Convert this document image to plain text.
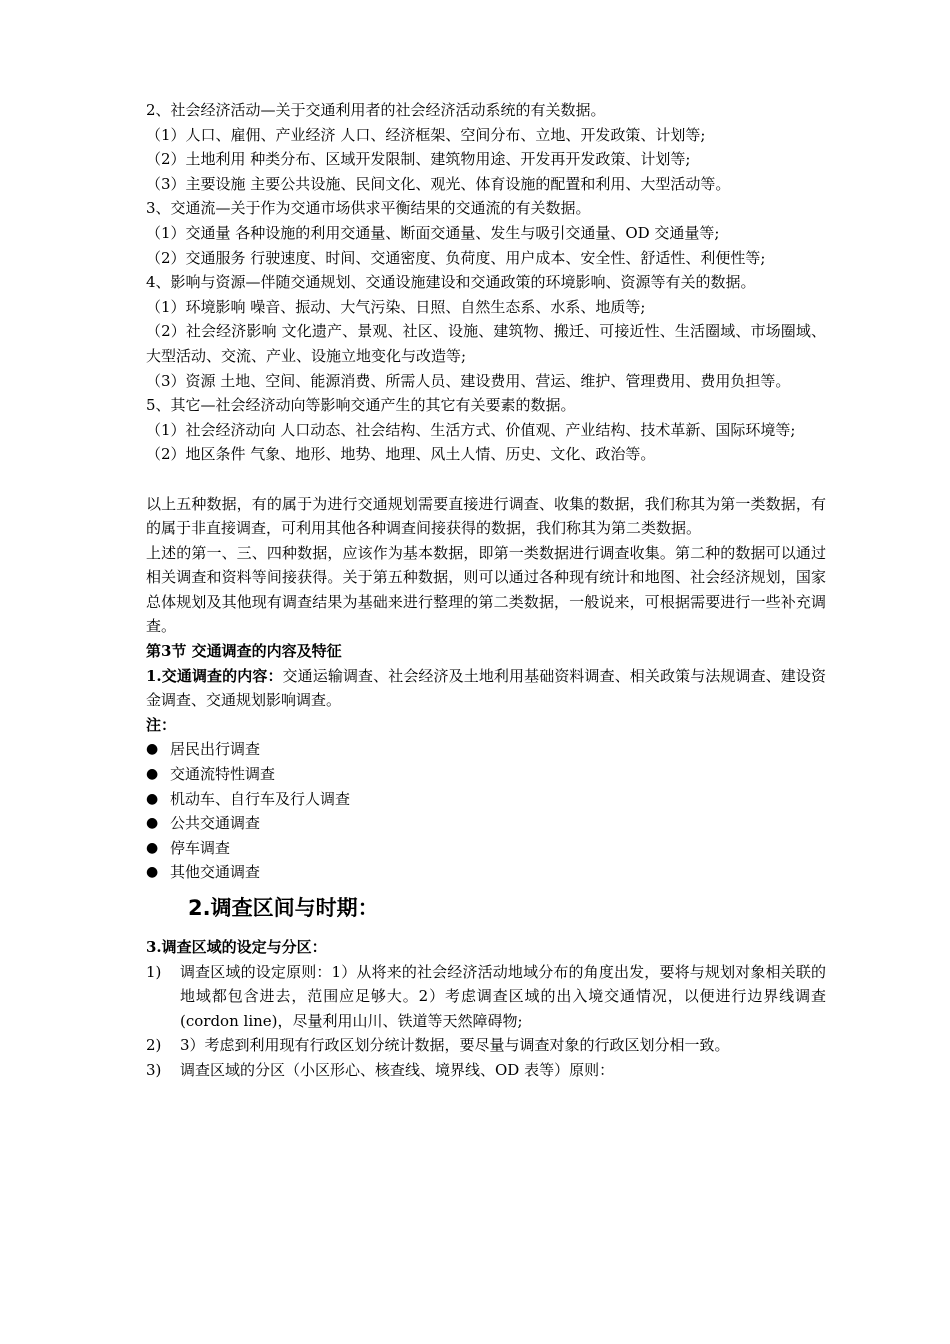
2、社会经济活动—关于交通利用者的社会经济活动系统的有关数据。
（1）人口、雇佣、产业经济 人口、经济框架、空间分布、立地、开发政策、计划等;
（2）土地利用 种类分布、区域开发限制、建筑物用途、开发再开发政策、计划等;
（3）主要设施 主要公共设施、民间文化、观光、体育设施的配置和利用、大型活动等。
3、交通流—关于作为交通市场供求平衡结果的交通流的有关数据。
（1）交通量 各种设施的利用交通量、断面交通量、发生与吸引交通量、OD 交通量等;
（2）交通服务 行驶速度、时间、交通密度、负荷度、用户成本、安全性、舒适性、利便性等;
4、影响与资源—伴随交通规划、交通设施建设和交通政策的环境影响、资源等有关的数据。
（1）环境影响 噪音、振动、大气污染、日照、自然生态系、水系、地质等;
（2）社会经济影响 文化遗产、景观、社区、设施、建筑物、搬迁、可接近性、生活圈域、市场圈域、大型活动、交流、产业、设施立地变化与改造等;
（3）资源 土地、空间、能源消费、所需人员、建设费用、营运、维护、管理费用、费用负担等。
5、其它—社会经济动向等影响交通产生的其它有关要素的数据。
（1）社会经济动向 人口动态、社会结构、生活方式、价值观、产业结构、技术革新、国际环境等;
（2）地区条件 气象、地形、地势、地理、风土人情、历史、文化、政治等。
以上五种数据，有的属于为进行交通规划需要直接进行调查、收集的数据，我们称其为第一类数据，有的属于非直接调查，可利用其他各种调查间接获得的数据，我们称其为第二类数据。
上述的第一、三、四种数据，应该作为基本数据，即第一类数据进行调查收集。第二种的数据可以通过相关调查和资料等间接获得。关于第五种数据，则可以通过各种现有统计和地图、社会经济规划，国家总体规划及其他现有调查结果为基础来进行整理的第二类数据，一般说来，可根据需要进行一些补充调查。
第3节 交通调查的内容及特征
1.交通调查的内容：交通运输调查、社会经济及土地利用基础资料调查、相关政策与法规调查、建设资金调查、交通规划影响调查。
注：
● 居民出行调查
● 交通流特性调查
● 机动车、自行车及行人调查
● 公共交通调查
● 停车调查
● 其他交通调查
2.调查区间与时期：
3.调查区域的设定与分区：
1)	调查区域的设定原则：1）从将来的社会经济活动地域分布的角度出发，要将与规划对象相关联的地域都包含进去，范围应足够大。2）考虑调查区域的出入境交通情况，以便进行边界线调查(cordon line)，尽量利用山川、铁道等天然障碍物;
2)	3）考虑到利用现有行政区划分统计数据，要尽量与调查对象的行政区划分相一致。
3)	调查区域的分区（小区形心、核查线、境界线、OD 表等）原则：
